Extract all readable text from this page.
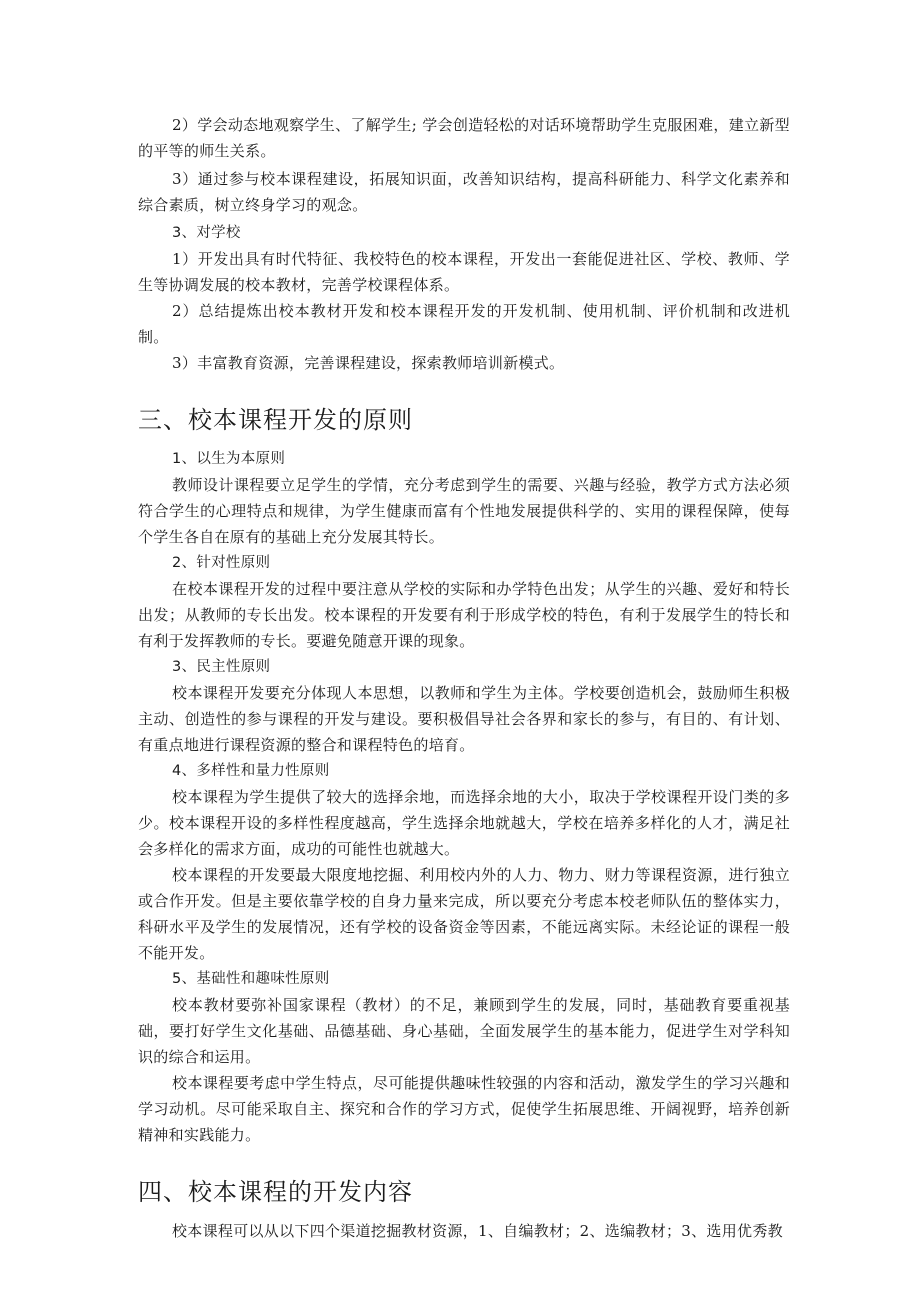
2）学会动态地观察学生、了解学生; 学会创造轻松的对话环境帮助学生克服困难，建立新型的平等的师生关系。

3）通过参与校本课程建设，拓展知识面，改善知识结构，提高科研能力、科学文化素养和综合素质，树立终身学习的观念。

3、对学校

1）开发出具有时代特征、我校特色的校本课程，开发出一套能促进社区、学校、教师、学生等协调发展的校本教材，完善学校课程体系。

2）总结提炼出校本教材开发和校本课程开发的开发机制、使用机制、评价机制和改进机制。

3）丰富教育资源，完善课程建设，探索教师培训新模式。

三、校本课程开发的原则

1、以生为本原则

教师设计课程要立足学生的学情，充分考虑到学生的需要、兴趣与经验，教学方式方法必须符合学生的心理特点和规律，为学生健康而富有个性地发展提供科学的、实用的课程保障，使每个学生各自在原有的基础上充分发展其特长。

2、针对性原则

在校本课程开发的过程中要注意从学校的实际和办学特色出发；从学生的兴趣、爱好和特长出发；从教师的专长出发。校本课程的开发要有利于形成学校的特色，有利于发展学生的特长和有利于发挥教师的专长。要避免随意开课的现象。

3、民主性原则

校本课程开发要充分体现人本思想，以教师和学生为主体。学校要创造机会，鼓励师生积极主动、创造性的参与课程的开发与建设。要积极倡导社会各界和家长的参与，有目的、有计划、有重点地进行课程资源的整合和课程特色的培育。

4、多样性和量力性原则

校本课程为学生提供了较大的选择余地，而选择余地的大小，取决于学校课程开设门类的多少。校本课程开设的多样性程度越高，学生选择余地就越大，学校在培养多样化的人才，满足社会多样化的需求方面，成功的可能性也就越大。

校本课程的开发要最大限度地挖掘、利用校内外的人力、物力、财力等课程资源，进行独立或合作开发。但是主要依靠学校的自身力量来完成，所以要充分考虑本校老师队伍的整体实力，科研水平及学生的发展情况，还有学校的设备资金等因素，不能远离实际。未经论证的课程一般不能开发。

5、基础性和趣味性原则

校本教材要弥补国家课程（教材）的不足，兼顾到学生的发展，同时，基础教育要重视基础，要打好学生文化基础、品德基础、身心基础，全面发展学生的基本能力，促进学生对学科知识的综合和运用。

校本课程要考虑中学生特点，尽可能提供趣味性较强的内容和活动，激发学生的学习兴趣和学习动机。尽可能采取自主、探究和合作的学习方式，促使学生拓展思维、开阔视野，培养创新精神和实践能力。

四、校本课程的开发内容

校本课程可以从以下四个渠道挖掘教材资源，1、自编教材；2、选编教材；3、选用优秀教
